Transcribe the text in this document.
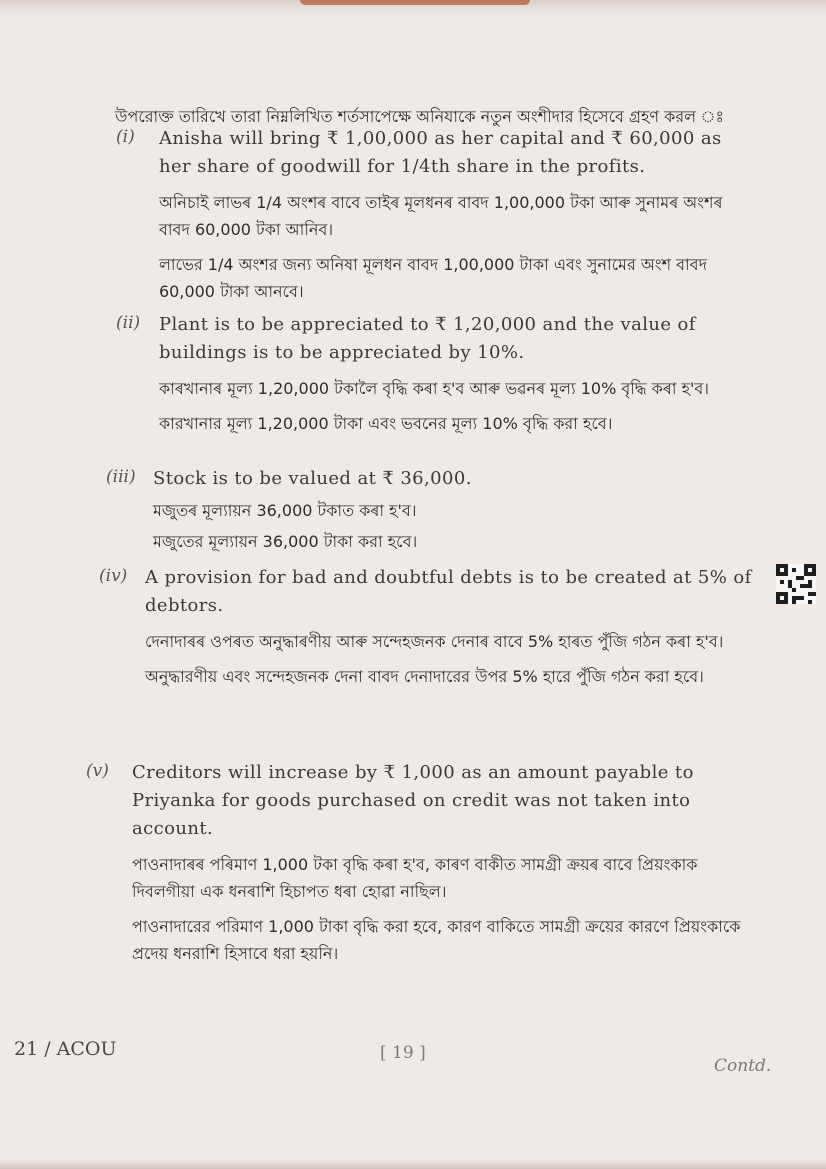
উপরোক্ত তারিখে তারা নিম্নলিখিত শর্তসাপেক্ষে অনিযাকে নতুন অংশীদার হিসেবে গ্রহণ করল ঃ

(i) Anisha will bring ₹ 1,00,000 as her capital and ₹ 60,000 as her share of goodwill for 1/4th share in the profits.

অনিচাই লাভৰ 1/4 অংশৰ বাবে তাইৰ মূলধনৰ বাবদ 1,00,000 টকা আৰু সুনামৰ অংশৰ বাবদ 60,000 টকা আনিব।

লাভের 1/4 অংশর জন্য অনিষা মূলধন বাবদ 1,00,000 টাকা এবং সুনামের অংশ বাবদ 60,000 টাকা আনবে।

(ii) Plant is to be appreciated to ₹ 1,20,000 and the value of buildings is to be appreciated by 10%.

কাৰখানাৰ মূল্য 1,20,000 টকালৈ বৃদ্ধি কৰা হ'ব আৰু ভৱনৰ মূল্য 10% বৃদ্ধি কৰা হ'ব।

কারখানার মূল্য 1,20,000 টাকা এবং ভবনের মূল্য 10% বৃদ্ধি করা হবে।

(iii) Stock is to be valued at ₹ 36,000.

মজুতৰ মূল্যায়ন 36,000 টকাত কৰা হ'ব।

মজুতের মূল্যায়ন 36,000 টাকা করা হবে।

(iv) A provision for bad and doubtful debts is to be created at 5% of debtors.

দেনাদাৰৰ ওপৰত অনুদ্ধাৰণীয় আৰু সন্দেহজনক দেনাৰ বাবে 5% হাৰত পুঁজি গঠন কৰা হ'ব।

অনুদ্ধারণীয় এবং সন্দেহজনক দেনা বাবদ দেনাদারের উপর 5% হারে পুঁজি গঠন করা হবে।

(v) Creditors will increase by ₹ 1,000 as an amount payable to Priyanka for goods purchased on credit was not taken into account.

পাওনাদাৰৰ পৰিমাণ 1,000 টকা বৃদ্ধি কৰা হ'ব, কাৰণ বাকীত সামগ্ৰী ক্ৰয়ৰ বাবে প্ৰিয়ংকাক দিবলগীয়া এক ধনৰাশি হিচাপত ধৰা হোৱা নাছিল।

পাওনাদারের পরিমাণ 1,000 টাকা বৃদ্ধি করা হবে, কারণ বাকিতে সামগ্রী ক্রয়ের কারণে প্রিয়ংকাকে প্রদেয় ধনরাশি হিসাবে ধরা হয়নি।

21 / ACOU	[ 19 ]
Contd.
